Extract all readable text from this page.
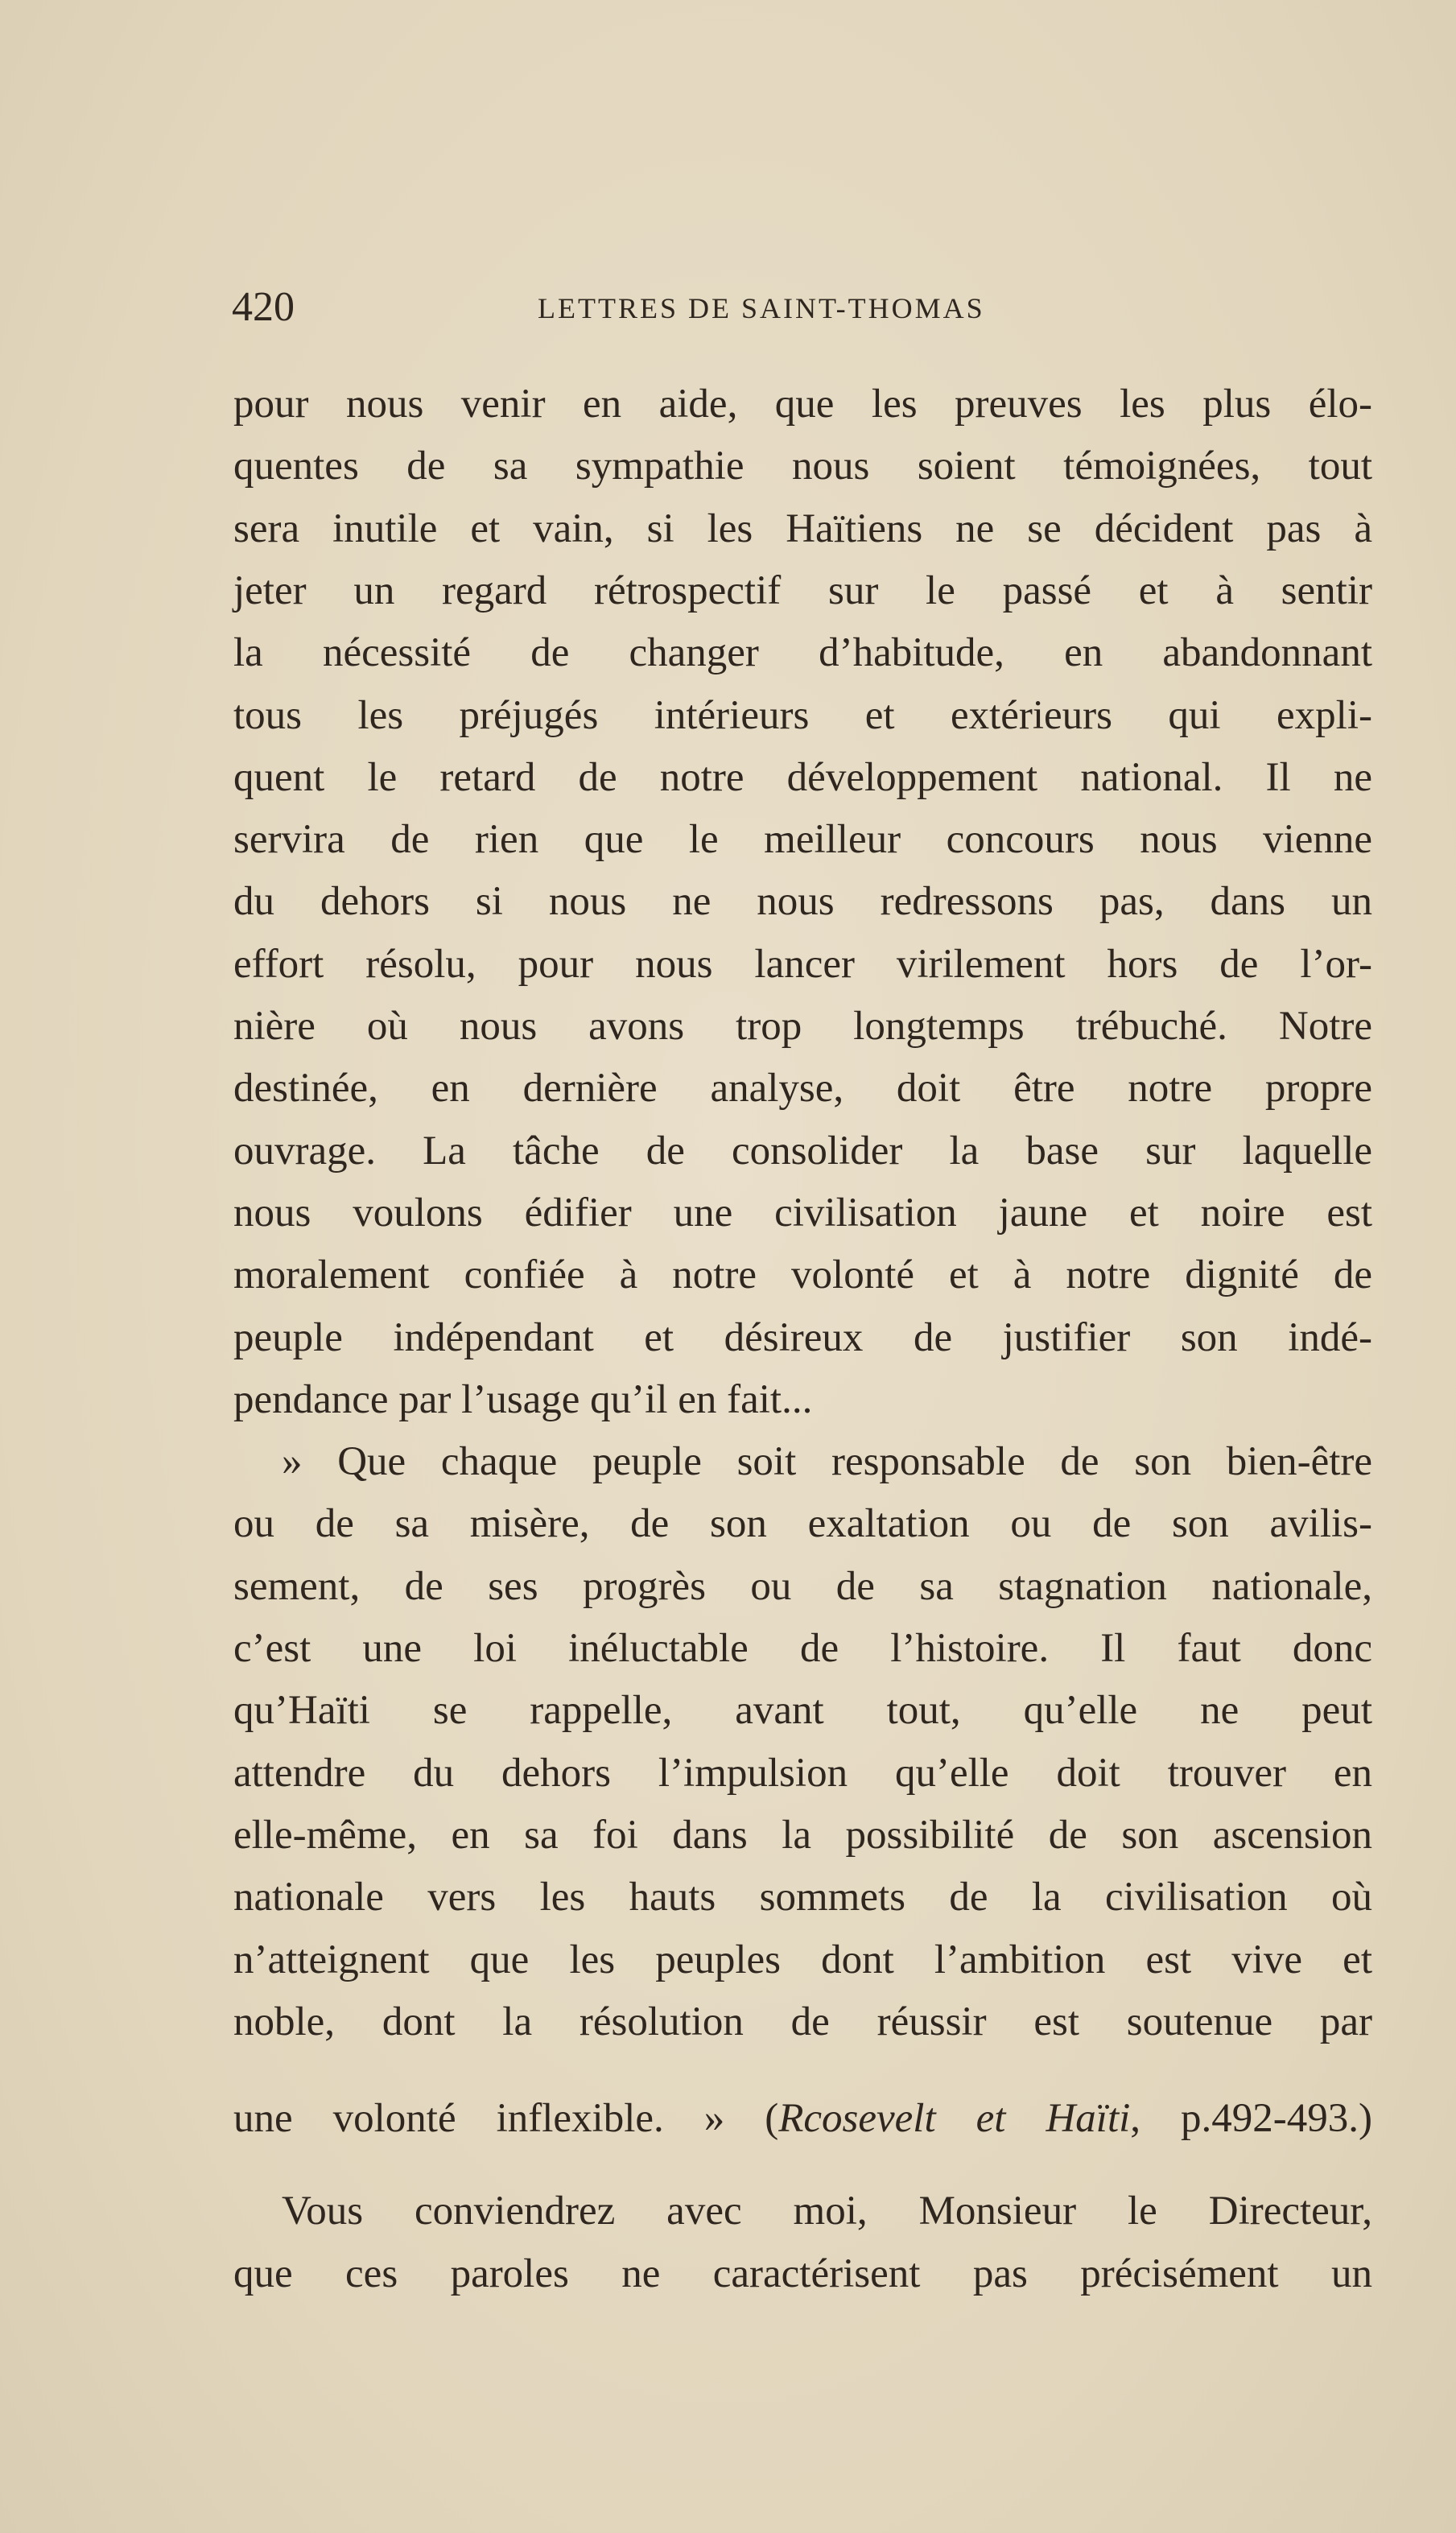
420	LETTRES DE SAINT-THOMAS
pour nous venir en aide, que les preuves les plus élo-
quentes de sa sympathie nous soient témoignées, tout
sera inutile et vain, si les Haïtiens ne se décident pas à
jeter un regard rétrospectif sur le passé et à sentir
la nécessité de changer d’habitude, en abandonnant
tous les préjugés intérieurs et extérieurs qui expli-
quent le retard de notre développement national. Il ne
servira de rien que le meilleur concours nous vienne
du dehors si nous ne nous redressons pas, dans un
effort résolu, pour nous lancer virilement hors de l’or-
nière où nous avons trop longtemps trébuché. Notre
destinée, en dernière analyse, doit être notre propre
ouvrage. La tâche de consolider la base sur laquelle
nous voulons édifier une civilisation jaune et noire est
moralement confiée à notre volonté et à notre dignité de
peuple indépendant et désireux de justifier son indé-
pendance par l’usage qu’il en fait...
» Que chaque peuple soit responsable de son bien-être
ou de sa misère, de son exaltation ou de son avilis-
sement, de ses progrès ou de sa stagnation nationale,
c’est une loi inéluctable de l’histoire. Il faut donc
qu’Haïti se rappelle, avant tout, qu’elle ne peut
attendre du dehors l’impulsion qu’elle doit trouver en
elle-même, en sa foi dans la possibilité de son ascension
nationale vers les hauts sommets de la civilisation où
n’atteignent que les peuples dont l’ambition est vive et
noble, dont la résolution de réussir est soutenue par
une volonté inflexible. » (Rcosevelt et Haïti, p.492-493.)
Vous conviendrez avec moi, Monsieur le Directeur,
que ces paroles ne caractérisent pas précisément un
